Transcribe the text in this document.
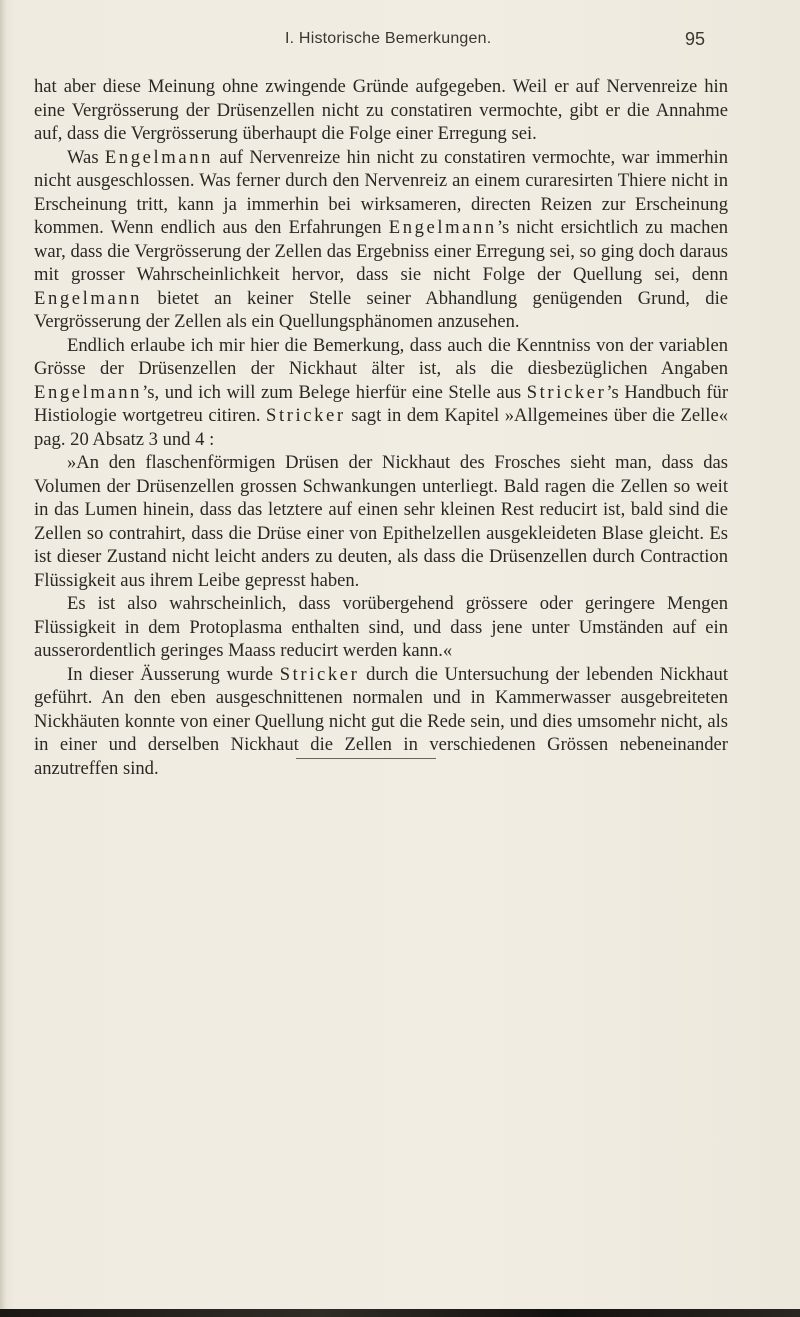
I. Historische Bemerkungen.	95

hat aber diese Meinung ohne zwingende Gründe aufgegeben. Weil er auf Nervenreize hin eine Vergrösserung der Drüsenzellen nicht zu constatiren vermochte, gibt er die Annahme auf, dass die Vergrösserung überhaupt die Folge einer Erregung sei.

Was Engelmann auf Nervenreize hin nicht zu constatiren vermochte, war immerhin nicht ausgeschlossen. Was ferner durch den Nervenreiz an einem curaresirten Thiere nicht in Erscheinung tritt, kann ja immerhin bei wirksameren, directen Reizen zur Erscheinung kommen. Wenn endlich aus den Erfahrungen Engelmann’s nicht ersichtlich zu machen war, dass die Vergrösserung der Zellen das Ergebniss einer Erregung sei, so ging doch daraus mit grosser Wahrscheinlichkeit hervor, dass sie nicht Folge der Quellung sei, denn Engelmann bietet an keiner Stelle seiner Abhandlung genügenden Grund, die Vergrösserung der Zellen als ein Quellungsphänomen anzusehen.

Endlich erlaube ich mir hier die Bemerkung, dass auch die Kenntniss von der variablen Grösse der Drüsenzellen der Nickhaut älter ist, als die diesbezüglichen Angaben Engelmann’s, und ich will zum Belege hierfür eine Stelle aus Stricker’s Handbuch für Histiologie wortgetreu citiren. Stricker sagt in dem Kapitel »Allgemeines über die Zelle« pag. 20 Absatz 3 und 4 :

»An den flaschenförmigen Drüsen der Nickhaut des Frosches sieht man, dass das Volumen der Drüsenzellen grossen Schwankungen unterliegt. Bald ragen die Zellen so weit in das Lumen hinein, dass das letztere auf einen sehr kleinen Rest reducirt ist, bald sind die Zellen so contrahirt, dass die Drüse einer von Epithelzellen ausgekleideten Blase gleicht. Es ist dieser Zustand nicht leicht anders zu deuten, als dass die Drüsenzellen durch Contraction Flüssigkeit aus ihrem Leibe gepresst haben.

Es ist also wahrscheinlich, dass vorübergehend grössere oder geringere Mengen Flüssigkeit in dem Protoplasma enthalten sind, und dass jene unter Umständen auf ein ausserordentlich geringes Maass reducirt werden kann.«

In dieser Äusserung wurde Stricker durch die Untersuchung der lebenden Nickhaut geführt. An den eben ausgeschnittenen normalen und in Kammerwasser ausgebreiteten Nickhäuten konnte von einer Quellung nicht gut die Rede sein, und dies umsomehr nicht, als in einer und derselben Nickhaut die Zellen in verschiedenen Grössen nebeneinander anzutreffen sind.
